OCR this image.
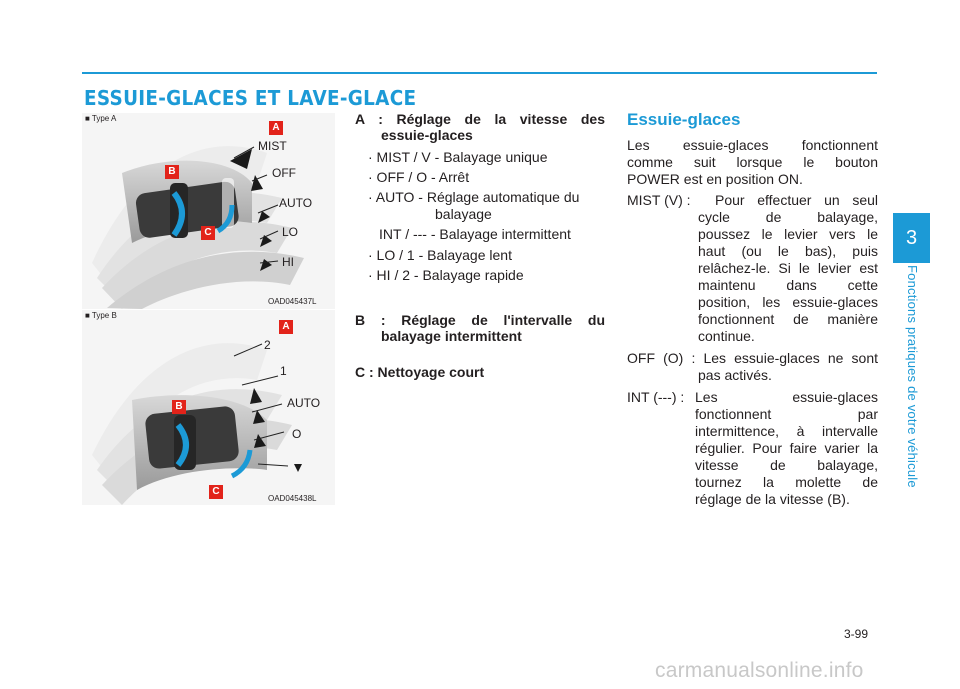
ESSUIE-GLACES ET LAVE-GLACE
3
Fonctions pratiques de votre véhicule
■ Type A
A
B
C
MIST
OFF
AUTO
LO
HI
OAD045437L
■ Type B
A
B
C
2
1
AUTO
O
OAD045438L
A : Réglage de la vitesse des
essuie-glaces
· MIST / V - Balayage unique
· OFF / O - Arrêt
· AUTO - Réglage automatique du
balayage
INT / --- - Balayage intermittent
· LO / 1 - Balayage lent
· HI / 2 - Balayage rapide
B : Réglage de l'intervalle du
balayage intermittent
C : Nettoyage court
Essuie-glaces
Les essuie-glaces fonctionnent
comme suit lorsque le bouton
POWER est en position ON.
MIST (V) : Pour effectuer un seul
cycle de balayage,
poussez le levier vers le
haut (ou le bas), puis
relâchez-le. Si le levier est
maintenu dans cette
position, les essuie-glaces
fonctionnent de manière
continue.
OFF (O) : Les essuie-glaces ne sont
pas activés.
INT (---) : Les essuie-glaces
fonctionnent par
intermittence, à intervalle
régulier. Pour faire varier la
vitesse de balayage,
tournez la molette de
réglage de la vitesse (B).
3-99
carmanualsonline.info
